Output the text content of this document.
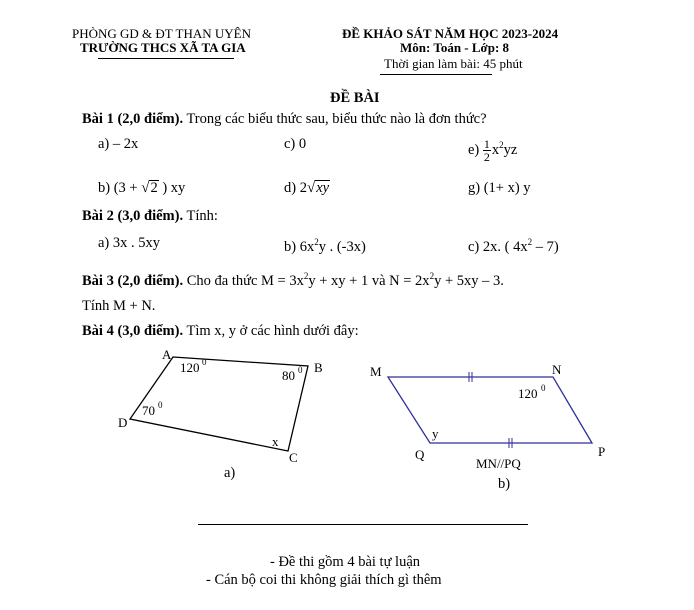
PHÒNG GD & ĐT THAN UYÊN
TRƯỜNG THCS XÃ TA GIA
ĐỀ KHẢO SÁT NĂM HỌC 2023-2024
Môn: Toán - Lớp: 8
Thời gian làm bài: 45 phút
ĐỀ BÀI
Bài 1 (2,0 điểm). Trong các biểu thức sau, biểu thức nào là đơn thức?
a) – 2x	c) 0	$e) \frac{1}{2} x^2yz$
b) (3 + √2 ) xy	d) 2√xy	g) (1+ x) y
Bài 2 (3,0 điểm). Tính:
a) 3x . 5xy	b) $6x^2y$ . (-3x)	c) 2x. ( $4x^2 - 7$)
Bài 3 (2,0 điểm). Cho đa thức $M = 3x^2y$ + xy + 1 và $N = 2x^2y + 5xy - 3$.
Tính M + N.
Bài 4 (3,0 điểm). Tìm x, y ở các hình dưới đây:
A
B
C
D
120 0
80 0
70 0
x
a)
M	N
P
Q
120 0
y
MN//PQ
b)
- Đề thi gồm 4 bài tự luận
- Cán bộ coi thi không giải thích gì thêm
